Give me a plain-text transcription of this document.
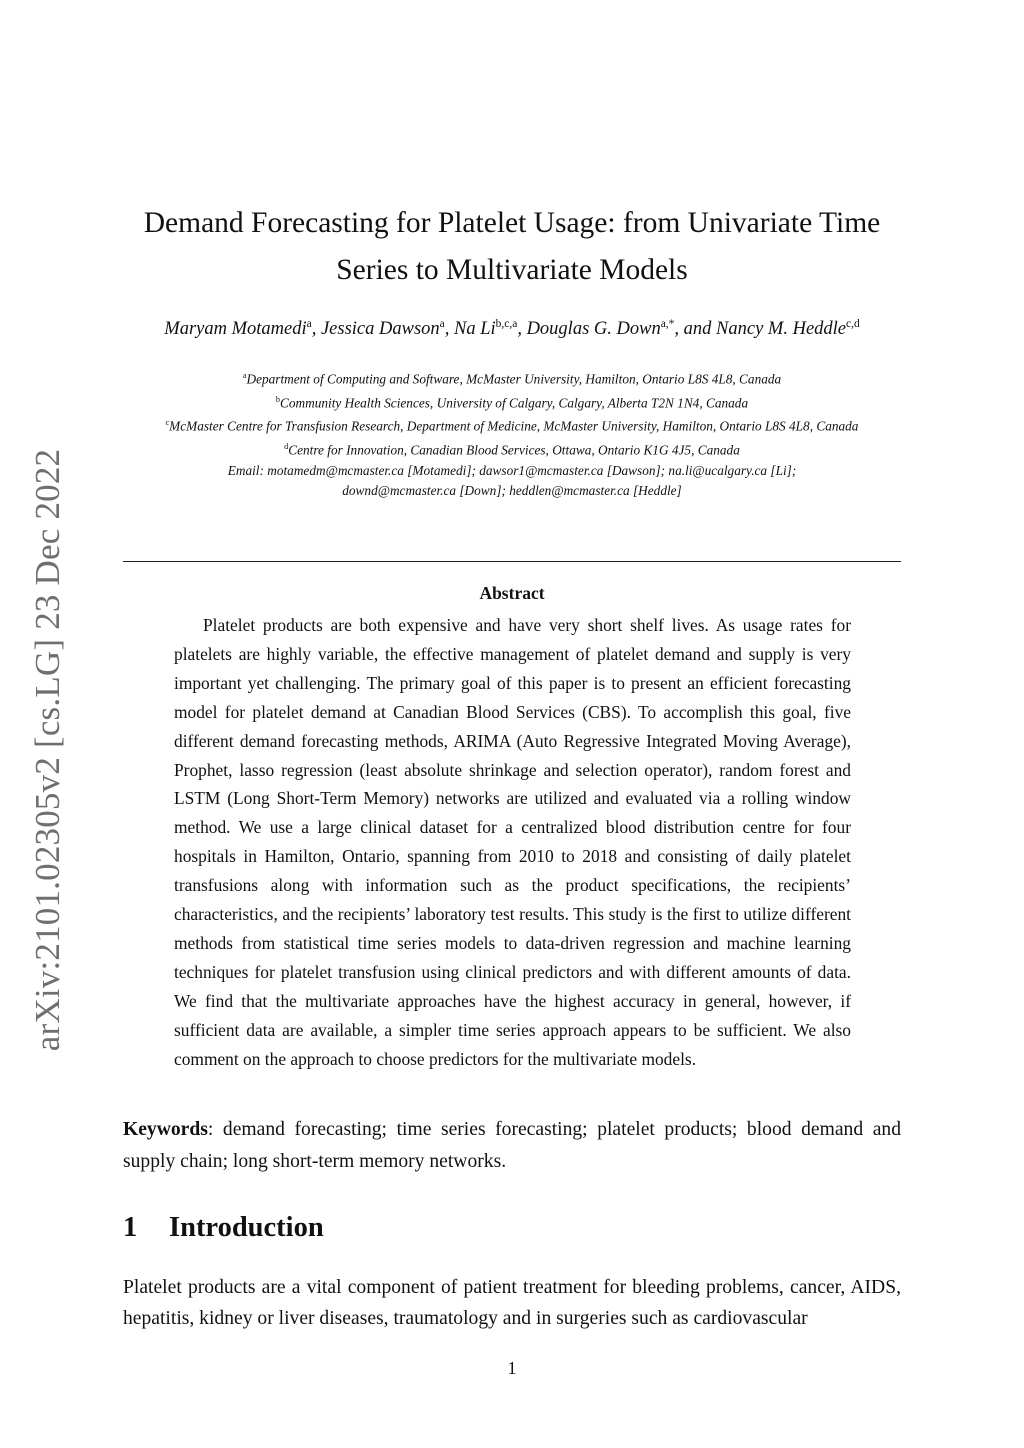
arXiv:2101.02305v2 [cs.LG] 23 Dec 2022
Demand Forecasting for Platelet Usage: from Univariate Time Series to Multivariate Models
Maryam Motamedi$^a$, Jessica Dawson$^a$, Na Li$^{b,c,a}$, Douglas G. Down$^{a,*}$, and Nancy M. Heddle$^{c,d}$
$^a$Department of Computing and Software, McMaster University, Hamilton, Ontario L8S 4L8, Canada
$^b$Community Health Sciences, University of Calgary, Calgary, Alberta T2N 1N4, Canada
$^c$McMaster Centre for Transfusion Research, Department of Medicine, McMaster University, Hamilton, Ontario L8S 4L8, Canada
$^d$Centre for Innovation, Canadian Blood Services, Ottawa, Ontario K1G 4J5, Canada
Email: motamedm@mcmaster.ca [Motamedi]; dawsor1@mcmaster.ca [Dawson]; na.li@ucalgary.ca [Li];
downd@mcmaster.ca [Down]; heddlen@mcmaster.ca [Heddle]
Abstract

Platelet products are both expensive and have very short shelf lives. As usage rates for platelets are highly variable, the effective management of platelet demand and supply is very important yet challenging. The primary goal of this paper is to present an efficient forecasting model for platelet demand at Canadian Blood Services (CBS). To accomplish this goal, five different demand forecasting methods, ARIMA (Auto Regressive Integrated Moving Average), Prophet, lasso regression (least absolute shrinkage and selection operator), random forest and LSTM (Long Short-Term Memory) networks are utilized and evaluated via a rolling window method. We use a large clinical dataset for a centralized blood distribution centre for four hospitals in Hamilton, Ontario, spanning from 2010 to 2018 and consisting of daily platelet transfusions along with information such as the product specifications, the recipients’ characteristics, and the recipients’ laboratory test results. This study is the first to utilize different methods from statistical time series models to data-driven regression and machine learning techniques for platelet transfusion using clinical predictors and with different amounts of data. We find that the multivariate approaches have the highest accuracy in general, however, if sufficient data are available, a simpler time series approach appears to be sufficient. We also comment on the approach to choose predictors for the multivariate models.

Keywords: demand forecasting; time series forecasting; platelet products; blood demand and supply chain; long short-term memory networks.

1 Introduction

Platelet products are a vital component of patient treatment for bleeding problems, cancer, AIDS, hepatitis, kidney or liver diseases, traumatology and in surgeries such as cardiovascular

1
